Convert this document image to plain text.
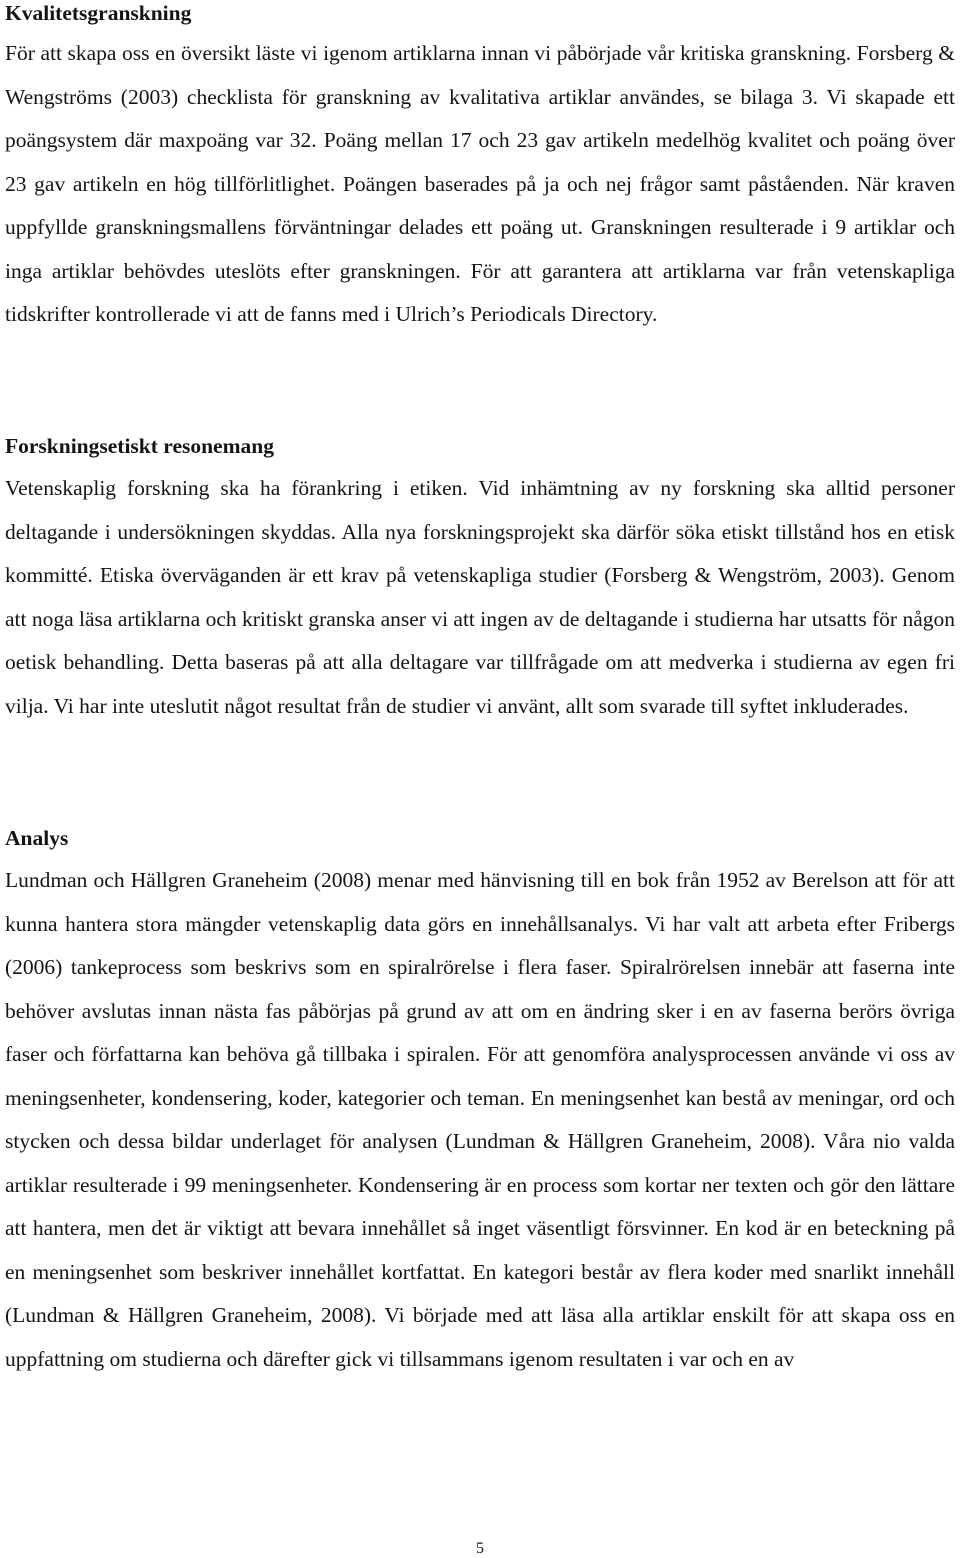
Kvalitetsgranskning

För att skapa oss en översikt läste vi igenom artiklarna innan vi påbörjade vår kritiska granskning. Forsberg & Wengströms (2003) checklista för granskning av kvalitativa artiklar användes, se bilaga 3. Vi skapade ett poängsystem där maxpoäng var 32. Poäng mellan 17 och 23 gav artikeln medelhög kvalitet och poäng över 23 gav artikeln en hög tillförlitlighet. Poängen baserades på ja och nej frågor samt påståenden. När kraven uppfyllde granskningsmallens förväntningar delades ett poäng ut. Granskningen resulterade i 9 artiklar och inga artiklar behövdes uteslöts efter granskningen. För att garantera att artiklarna var från vetenskapliga tidskrifter kontrollerade vi att de fanns med i Ulrich’s Periodicals Directory.

Forskningsetiskt resonemang

Vetenskaplig forskning ska ha förankring i etiken. Vid inhämtning av ny forskning ska alltid personer deltagande i undersökningen skyddas. Alla nya forskningsprojekt ska därför söka etiskt tillstånd hos en etisk kommitté. Etiska överväganden är ett krav på vetenskapliga studier (Forsberg & Wengström, 2003). Genom att noga läsa artiklarna och kritiskt granska anser vi att ingen av de deltagande i studierna har utsatts för någon oetisk behandling. Detta baseras på att alla deltagare var tillfrågade om att medverka i studierna av egen fri vilja. Vi har inte uteslutit något resultat från de studier vi använt, allt som svarade till syftet inkluderades.

Analys

Lundman och Hällgren Graneheim (2008) menar med hänvisning till en bok från 1952 av Berelson att för att kunna hantera stora mängder vetenskaplig data görs en innehållsanalys. Vi har valt att arbeta efter Fribergs (2006) tankeprocess som beskrivs som en spiralrörelse i flera faser. Spiralrörelsen innebär att faserna inte behöver avslutas innan nästa fas påbörjas på grund av att om en ändring sker i en av faserna berörs övriga faser och författarna kan behöva gå tillbaka i spiralen. För att genomföra analysprocessen använde vi oss av meningsenheter, kondensering, koder, kategorier och teman. En meningsenhet kan bestå av meningar, ord och stycken och dessa bildar underlaget för analysen (Lundman & Hällgren Graneheim, 2008). Våra nio valda artiklar resulterade i 99 meningsenheter. Kondensering är en process som kortar ner texten och gör den lättare att hantera, men det är viktigt att bevara innehållet så inget väsentligt försvinner. En kod är en beteckning på en meningsenhet som beskriver innehållet kortfattat. En kategori består av flera koder med snarlikt innehåll (Lundman & Hällgren Graneheim, 2008). Vi började med att läsa alla artiklar enskilt för att skapa oss en uppfattning om studierna och därefter gick vi tillsammans igenom resultaten i var och en av

5
